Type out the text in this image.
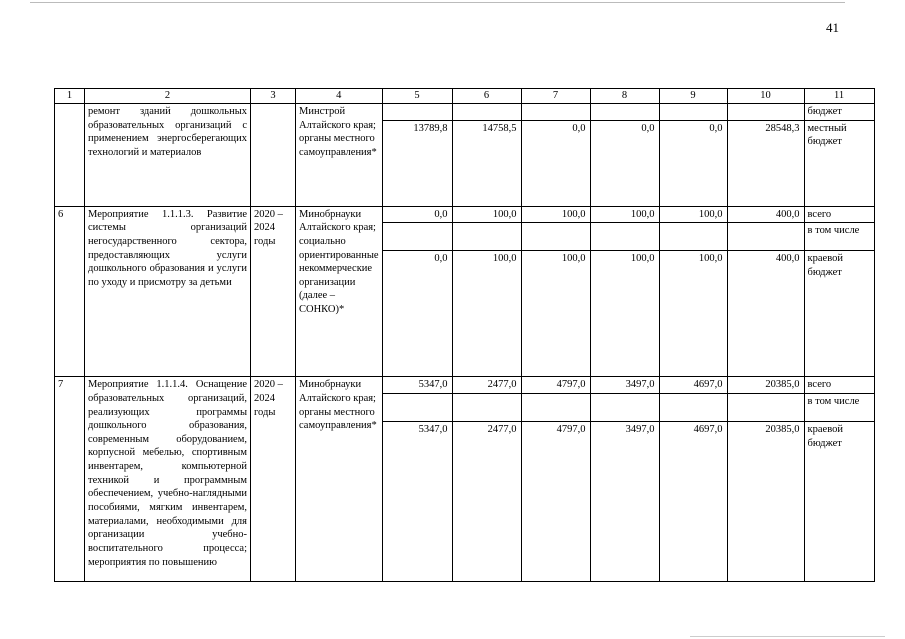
41
1	2	3	4	5	6	7	8	9	10	11
	ремонт зданий дошкольных образовательных организаций с применением энергосберегающих технологий и материалов		Минстрой Алтайского края; органы местного самоуправления*							бюджет
				13789,8	14758,5	0,0	0,0	0,0	28548,3	местный бюджет
6	Мероприятие 1.1.1.3. Развитие системы организаций негосударственного сектора, предоставляющих услуги дошкольного образования и услуги по уходу и присмотру за детьми	2020 – 2024 годы	Минобрнауки Алтайского края; социально ориентированные некоммерческие организации (далее – СОНКО)*	0,0	100,0	100,0	100,0	100,0	400,0	всего
										в том числе
				0,0	100,0	100,0	100,0	100,0	400,0	краевой бюджет
7	Мероприятие 1.1.1.4. Оснащение образовательных организаций, реализующих программы дошкольного образования, современным оборудованием, корпусной мебелью, спортивным инвентарем, компьютерной техникой и программным обеспечением, учебно-наглядными пособиями, мягким инвентарем, материалами, необходимыми для организации учебно-воспитательного процесса; мероприятия по повышению	2020 – 2024 годы	Минобрнауки Алтайского края; органы местного самоуправления*	5347,0	2477,0	4797,0	3497,0	4697,0	20385,0	всего
										в том числе
				5347,0	2477,0	4797,0	3497,0	4697,0	20385,0	краевой бюджет
